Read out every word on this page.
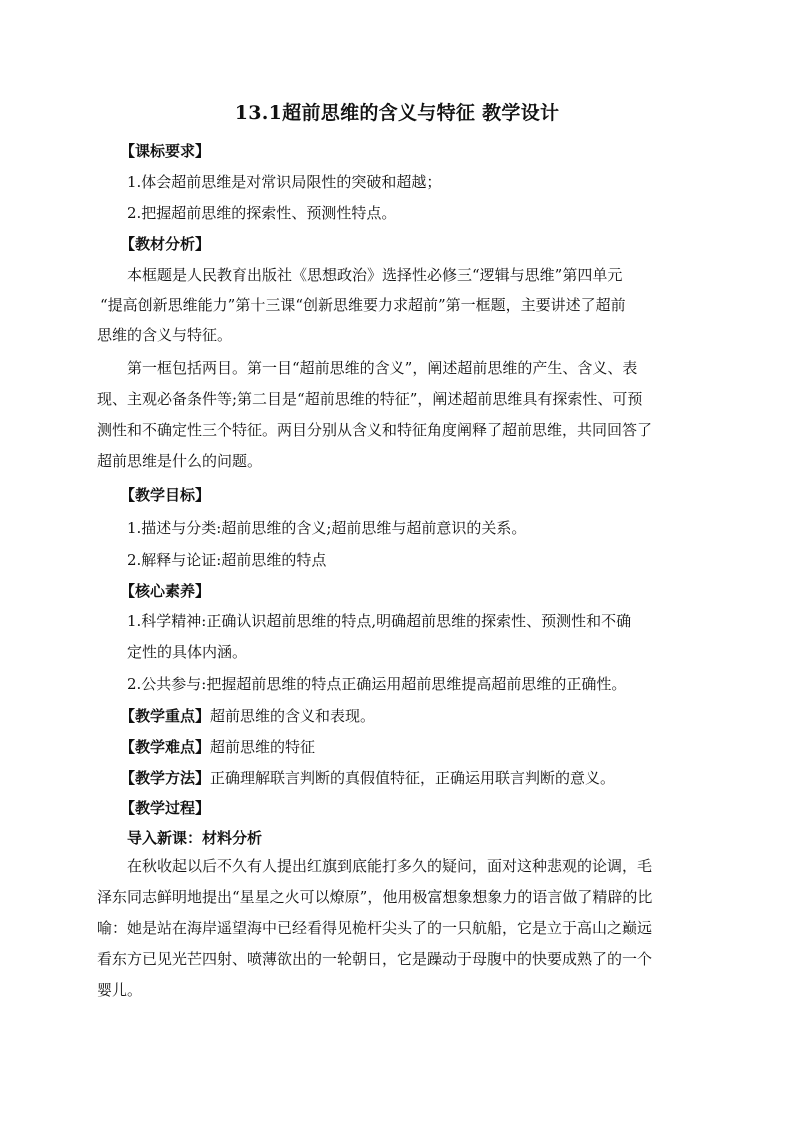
13.1超前思维的含义与特征 教学设计
【课标要求】
1.体会超前思维是对常识局限性的突破和超越；
2.把握超前思维的探索性、预测性特点。
【教材分析】
本框题是人民教育出版社《思想政治》选择性必修三“逻辑与思维”第四单元
“提高创新思维能力”第十三课“创新思维要力求超前”第一框题，主要讲述了超前
思维的含义与特征。
第一框包括两目。第一目“超前思维的含义”，阐述超前思维的产生、含义、表
现、主观必备条件等;第二目是“超前思维的特征”，阐述超前思维具有探索性、可预
测性和不确定性三个特征。两目分别从含义和特征角度阐释了超前思维，共同回答了
超前思维是什么的问题。
【教学目标】
1.描述与分类:超前思维的含义;超前思维与超前意识的关系。
2.解释与论证:超前思维的特点
【核心素养】
1.科学精神:正确认识超前思维的特点,明确超前思维的探索性、预测性和不确
定性的具体内涵。
2.公共参与:把握超前思维的特点正确运用超前思维提高超前思维的正确性。
【教学重点】超前思维的含义和表现。
【教学难点】超前思维的特征
【教学方法】正确理解联言判断的真假值特征，正确运用联言判断的意义。
【教学过程】
导入新课：材料分析
在秋收起以后不久有人提出红旗到底能打多久的疑问，面对这种悲观的论调，毛
泽东同志鲜明地提出“星星之火可以燎原”，他用极富想象想象力的语言做了精辟的比
喻：她是站在海岸遥望海中已经看得见桅杆尖头了的一只航船，它是立于高山之巅远
看东方已见光芒四射、喷薄欲出的一轮朝日，它是躁动于母腹中的快要成熟了的一个
婴儿。
